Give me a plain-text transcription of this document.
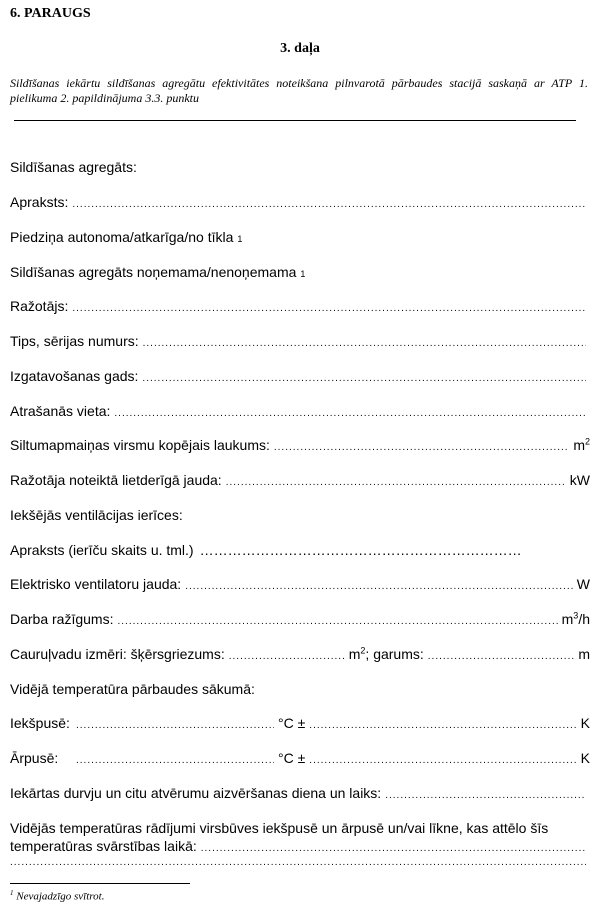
6. PARAUGS
3. daļa
Sildīšanas iekārtu sildīšanas agregātu efektivitātes noteikšana pilnvarotā pārbaudes stacijā saskaņā ar ATP 1. pielikuma 2. papildinājuma 3.3. punktu
Sildīšanas agregāts:
Apraksts:
.....
Piedziņa autonoma/atkarīga/no tīkla 1
Sildīšanas agregāts noņemama/nenoņemama 1
Ražotājs:
.....
Tips, sērijas numurs:
.....
Izgatavošanas gads:
.....
Atrašanās vieta:
.....
Siltumapmaiņas virsmu kopējais laukums: .....	$m^2$
Ražotāja noteiktā lietderīgā jauda: .....	kW
Iekšējās ventilācijas ierīces:
Apraksts (ierīču skaits u. tml.) ……………………………………………………………
Elektrisko ventilatoru jauda: .....	W
Darba ražīgums: .....	$m^3/h$
Cauruļvadu izmēri: šķērsgriezums: .....	$m^2$ ; garums: .....	m
Vidējā temperatūra pārbaudes sākumā:
Iekšpusē: .....	°C ± .....	K
Ārpusē: .....	°C ± .....	K
Iekārtas durvju un citu atvērumu aizvēršanas diena un laiks:
.....
Vidējās temperatūras rādījumi virsbūves iekšpusē un ārpusē un/vai līkne, kas attēlo šīs
temperatūras svārstības laikā:
.....
.....
$^1$ Nevajadzīgo svītrot.
